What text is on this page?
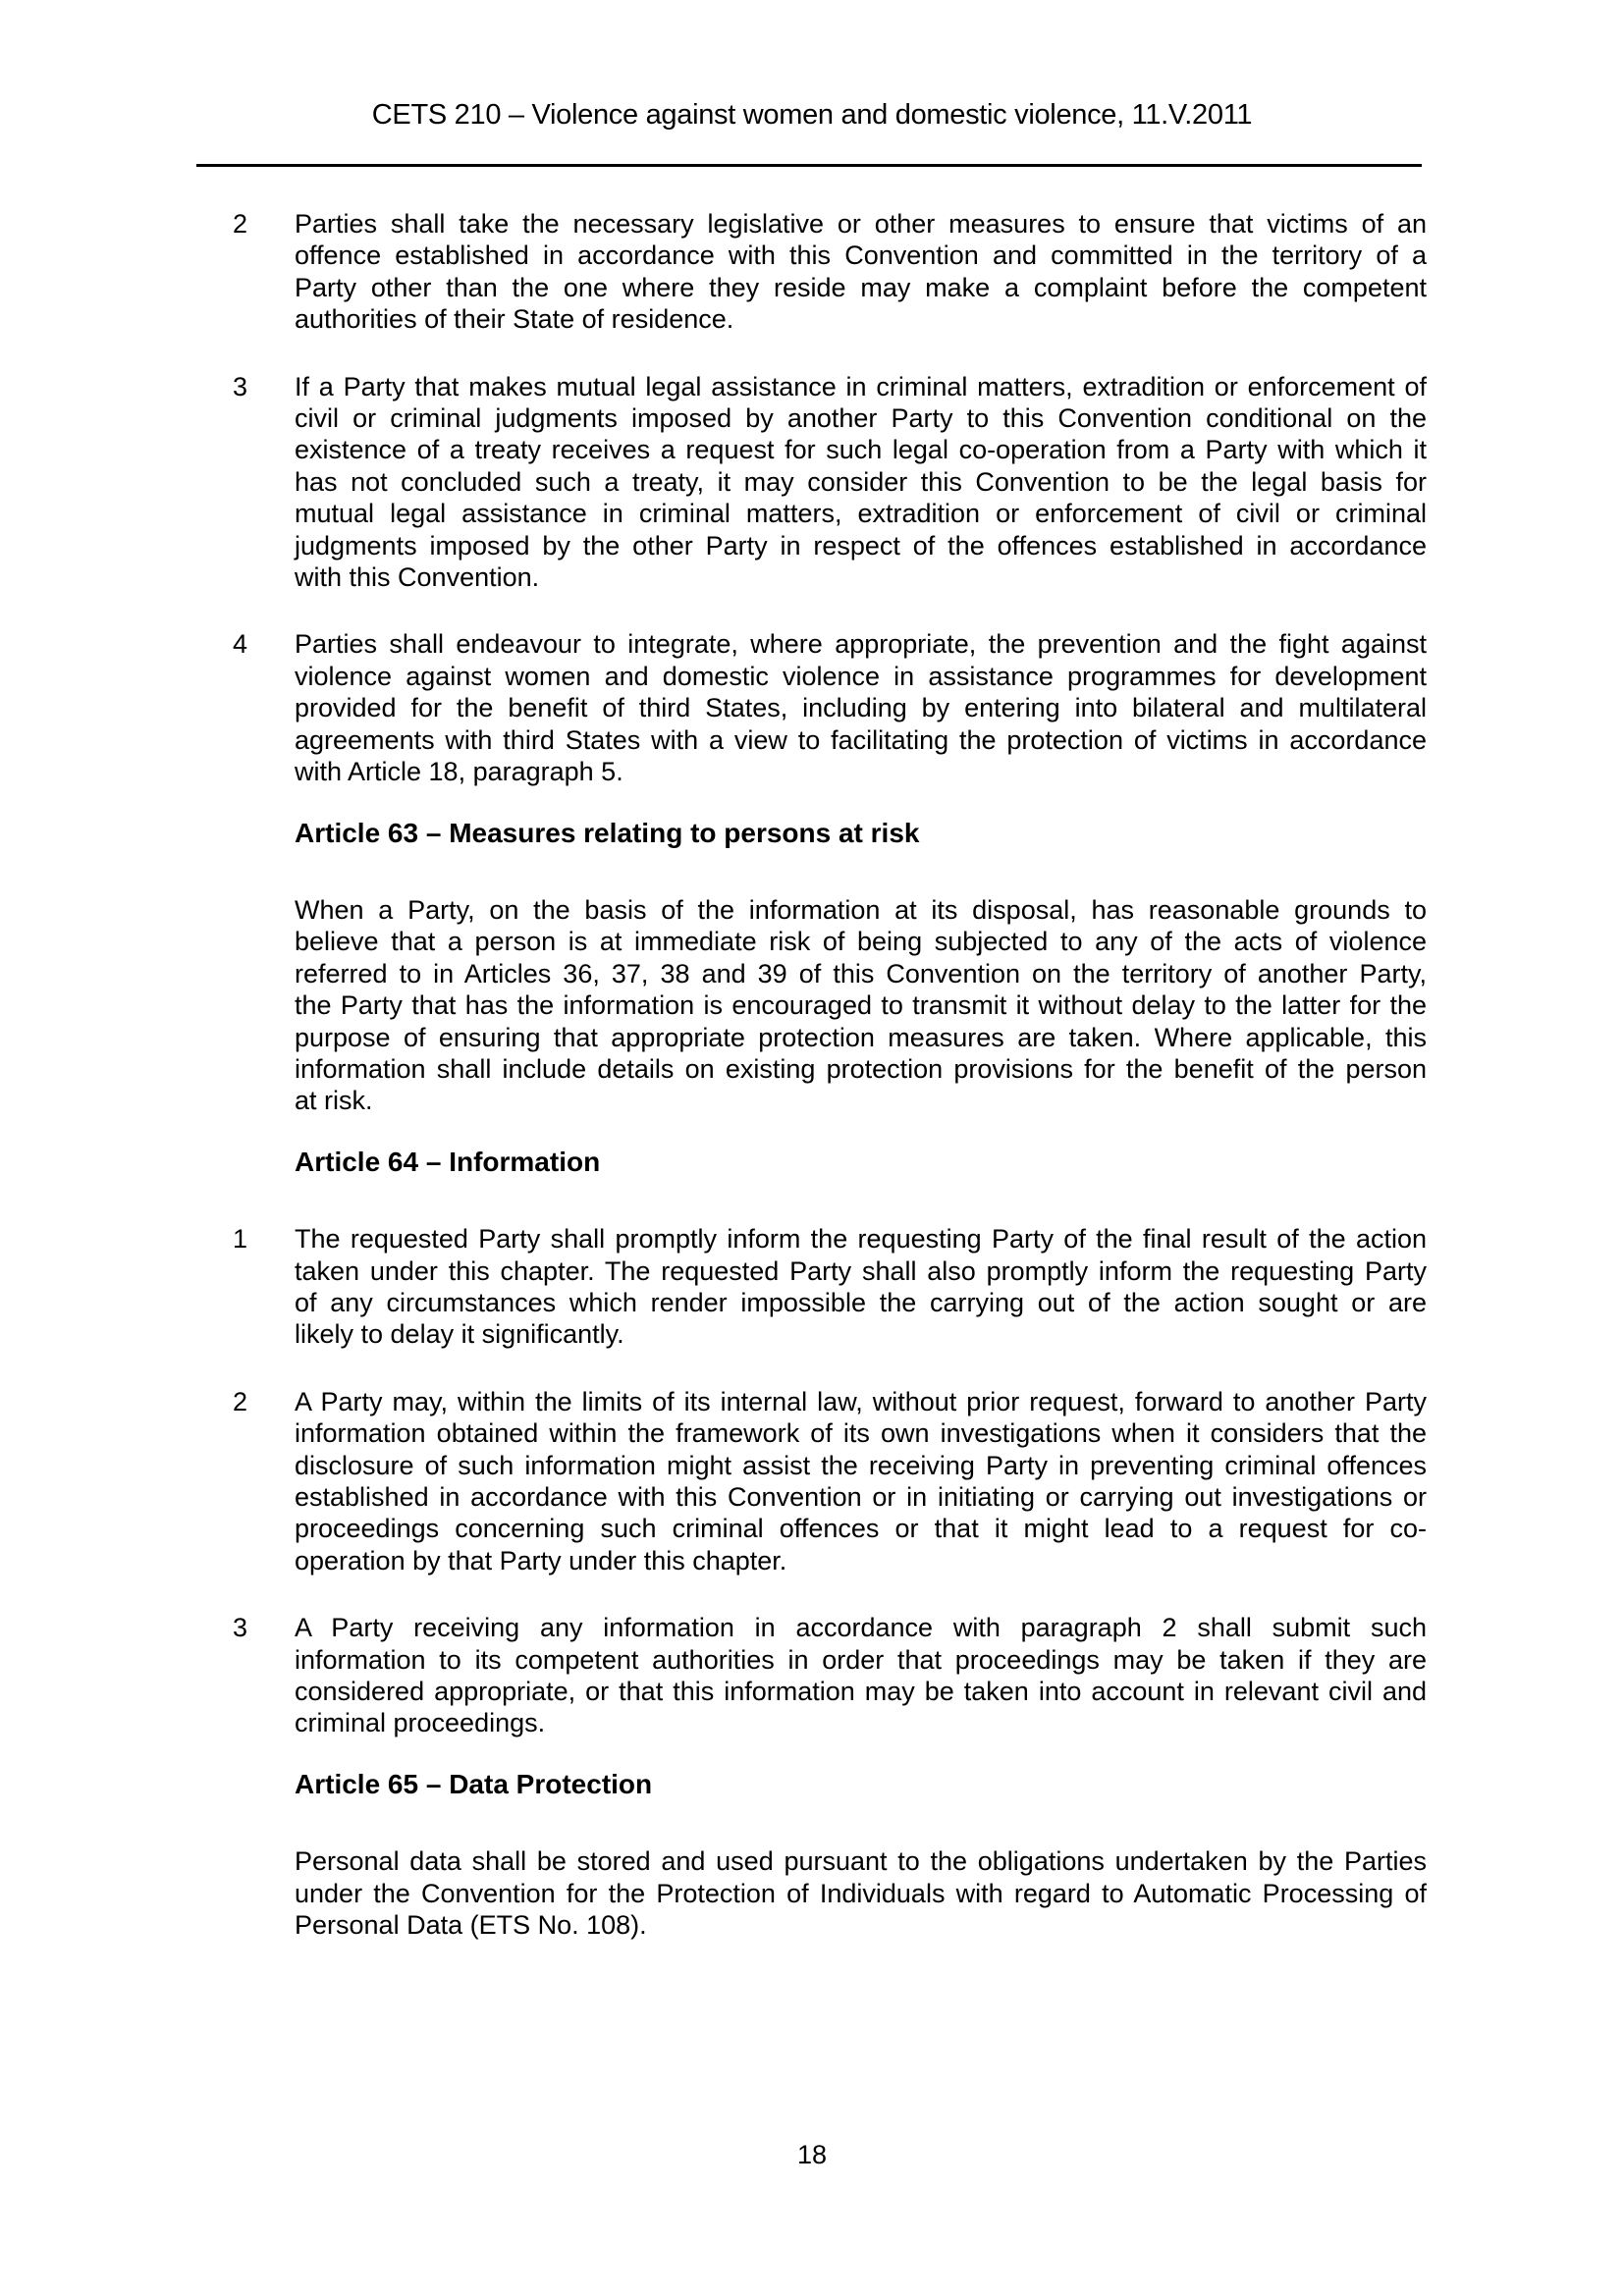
CETS 210 – Violence against women and domestic violence, 11.V.2011
2	Parties shall take the necessary legislative or other measures to ensure that victims of an
offence established in accordance with this Convention and committed in the territory of a
Party other than the one where they reside may make a complaint before the competent
authorities of their State of residence.
3	If a Party that makes mutual legal assistance in criminal matters, extradition or enforcement of
civil or criminal judgments imposed by another Party to this Convention conditional on the
existence of a treaty receives a request for such legal co-operation from a Party with which it
has not concluded such a treaty, it may consider this Convention to be the legal basis for
mutual legal assistance in criminal matters, extradition or enforcement of civil or criminal
judgments imposed by the other Party in respect of the offences established in accordance
with this Convention.
4	Parties shall endeavour to integrate, where appropriate, the prevention and the fight against
violence against women and domestic violence in assistance programmes for development
provided for the benefit of third States, including by entering into bilateral and multilateral
agreements with third States with a view to facilitating the protection of victims in accordance
with Article 18, paragraph 5.
Article 63 – Measures relating to persons at risk
When a Party, on the basis of the information at its disposal, has reasonable grounds to
believe that a person is at immediate risk of being subjected to any of the acts of violence
referred to in Articles 36, 37, 38 and 39 of this Convention on the territory of another Party,
the Party that has the information is encouraged to transmit it without delay to the latter for the
purpose of ensuring that appropriate protection measures are taken. Where applicable, this
information shall include details on existing protection provisions for the benefit of the person
at risk.
Article 64 – Information
1	The requested Party shall promptly inform the requesting Party of the final result of the action
taken under this chapter. The requested Party shall also promptly inform the requesting Party
of any circumstances which render impossible the carrying out of the action sought or are
likely to delay it significantly.
2	A Party may, within the limits of its internal law, without prior request, forward to another Party
information obtained within the framework of its own investigations when it considers that the
disclosure of such information might assist the receiving Party in preventing criminal offences
established in accordance with this Convention or in initiating or carrying out investigations or
proceedings concerning such criminal offences or that it might lead to a request for co-
operation by that Party under this chapter.
3	A Party receiving any information in accordance with paragraph 2 shall submit such
information to its competent authorities in order that proceedings may be taken if they are
considered appropriate, or that this information may be taken into account in relevant civil and
criminal proceedings.
Article 65 – Data Protection
Personal data shall be stored and used pursuant to the obligations undertaken by the Parties
under the Convention for the Protection of Individuals with regard to Automatic Processing of
Personal Data (ETS No. 108).
18
